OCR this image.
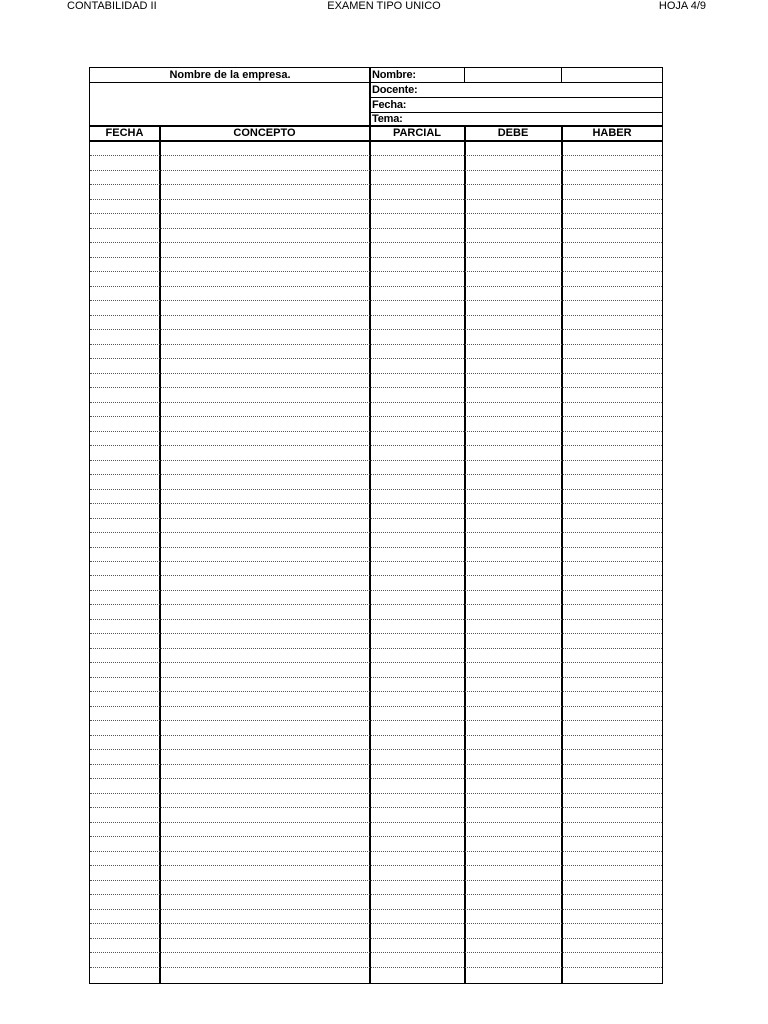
CONTABILIDAD II	EXAMEN TIPO UNICO	HOJA 4/9
Nombre de la empresa.	Nombre:
Docente:
Fecha:
Tema:
FECHA	CONCEPTO	PARCIAL	DEBE	HABER
